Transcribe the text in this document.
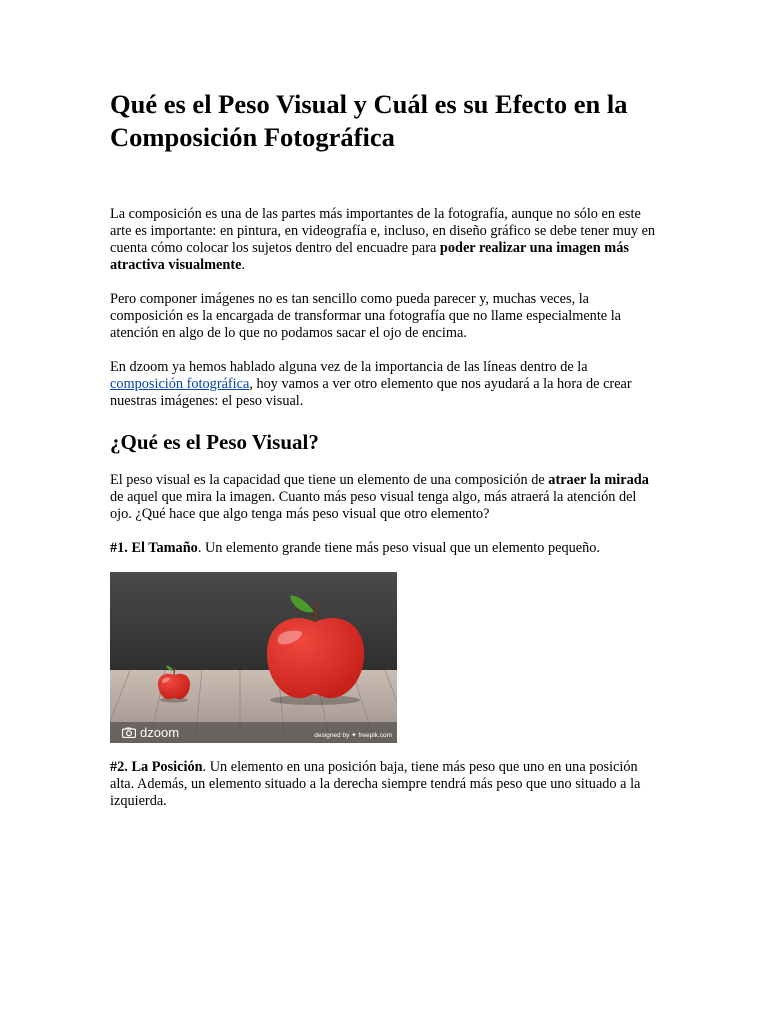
Qué es el Peso Visual y Cuál es su Efecto en la Composición Fotográfica

La composición es una de las partes más importantes de la fotografía, aunque no sólo en este arte es importante: en pintura, en videografía e, incluso, en diseño gráfico se debe tener muy en cuenta cómo colocar los sujetos dentro del encuadre para poder realizar una imagen más atractiva visualmente.

Pero componer imágenes no es tan sencillo como pueda parecer y, muchas veces, la composición es la encargada de transformar una fotografía que no llame especialmente la atención en algo de lo que no podamos sacar el ojo de encima.

En dzoom ya hemos hablado alguna vez de la importancia de las líneas dentro de la composición fotográfica, hoy vamos a ver otro elemento que nos ayudará a la hora de crear nuestras imágenes: el peso visual.

¿Qué es el Peso Visual?

El peso visual es la capacidad que tiene un elemento de una composición de atraer la mirada de aquel que mira la imagen. Cuanto más peso visual tenga algo, más atraerá la atención del ojo. ¿Qué hace que algo tenga más peso visual que otro elemento?

#1. El Tamaño. Un elemento grande tiene más peso visual que un elemento pequeño.

dzoom	designed by ✦ freepik.com

#2. La Posición. Un elemento en una posición baja, tiene más peso que uno en una posición alta. Además, un elemento situado a la derecha siempre tendrá más peso que uno situado a la izquierda.
